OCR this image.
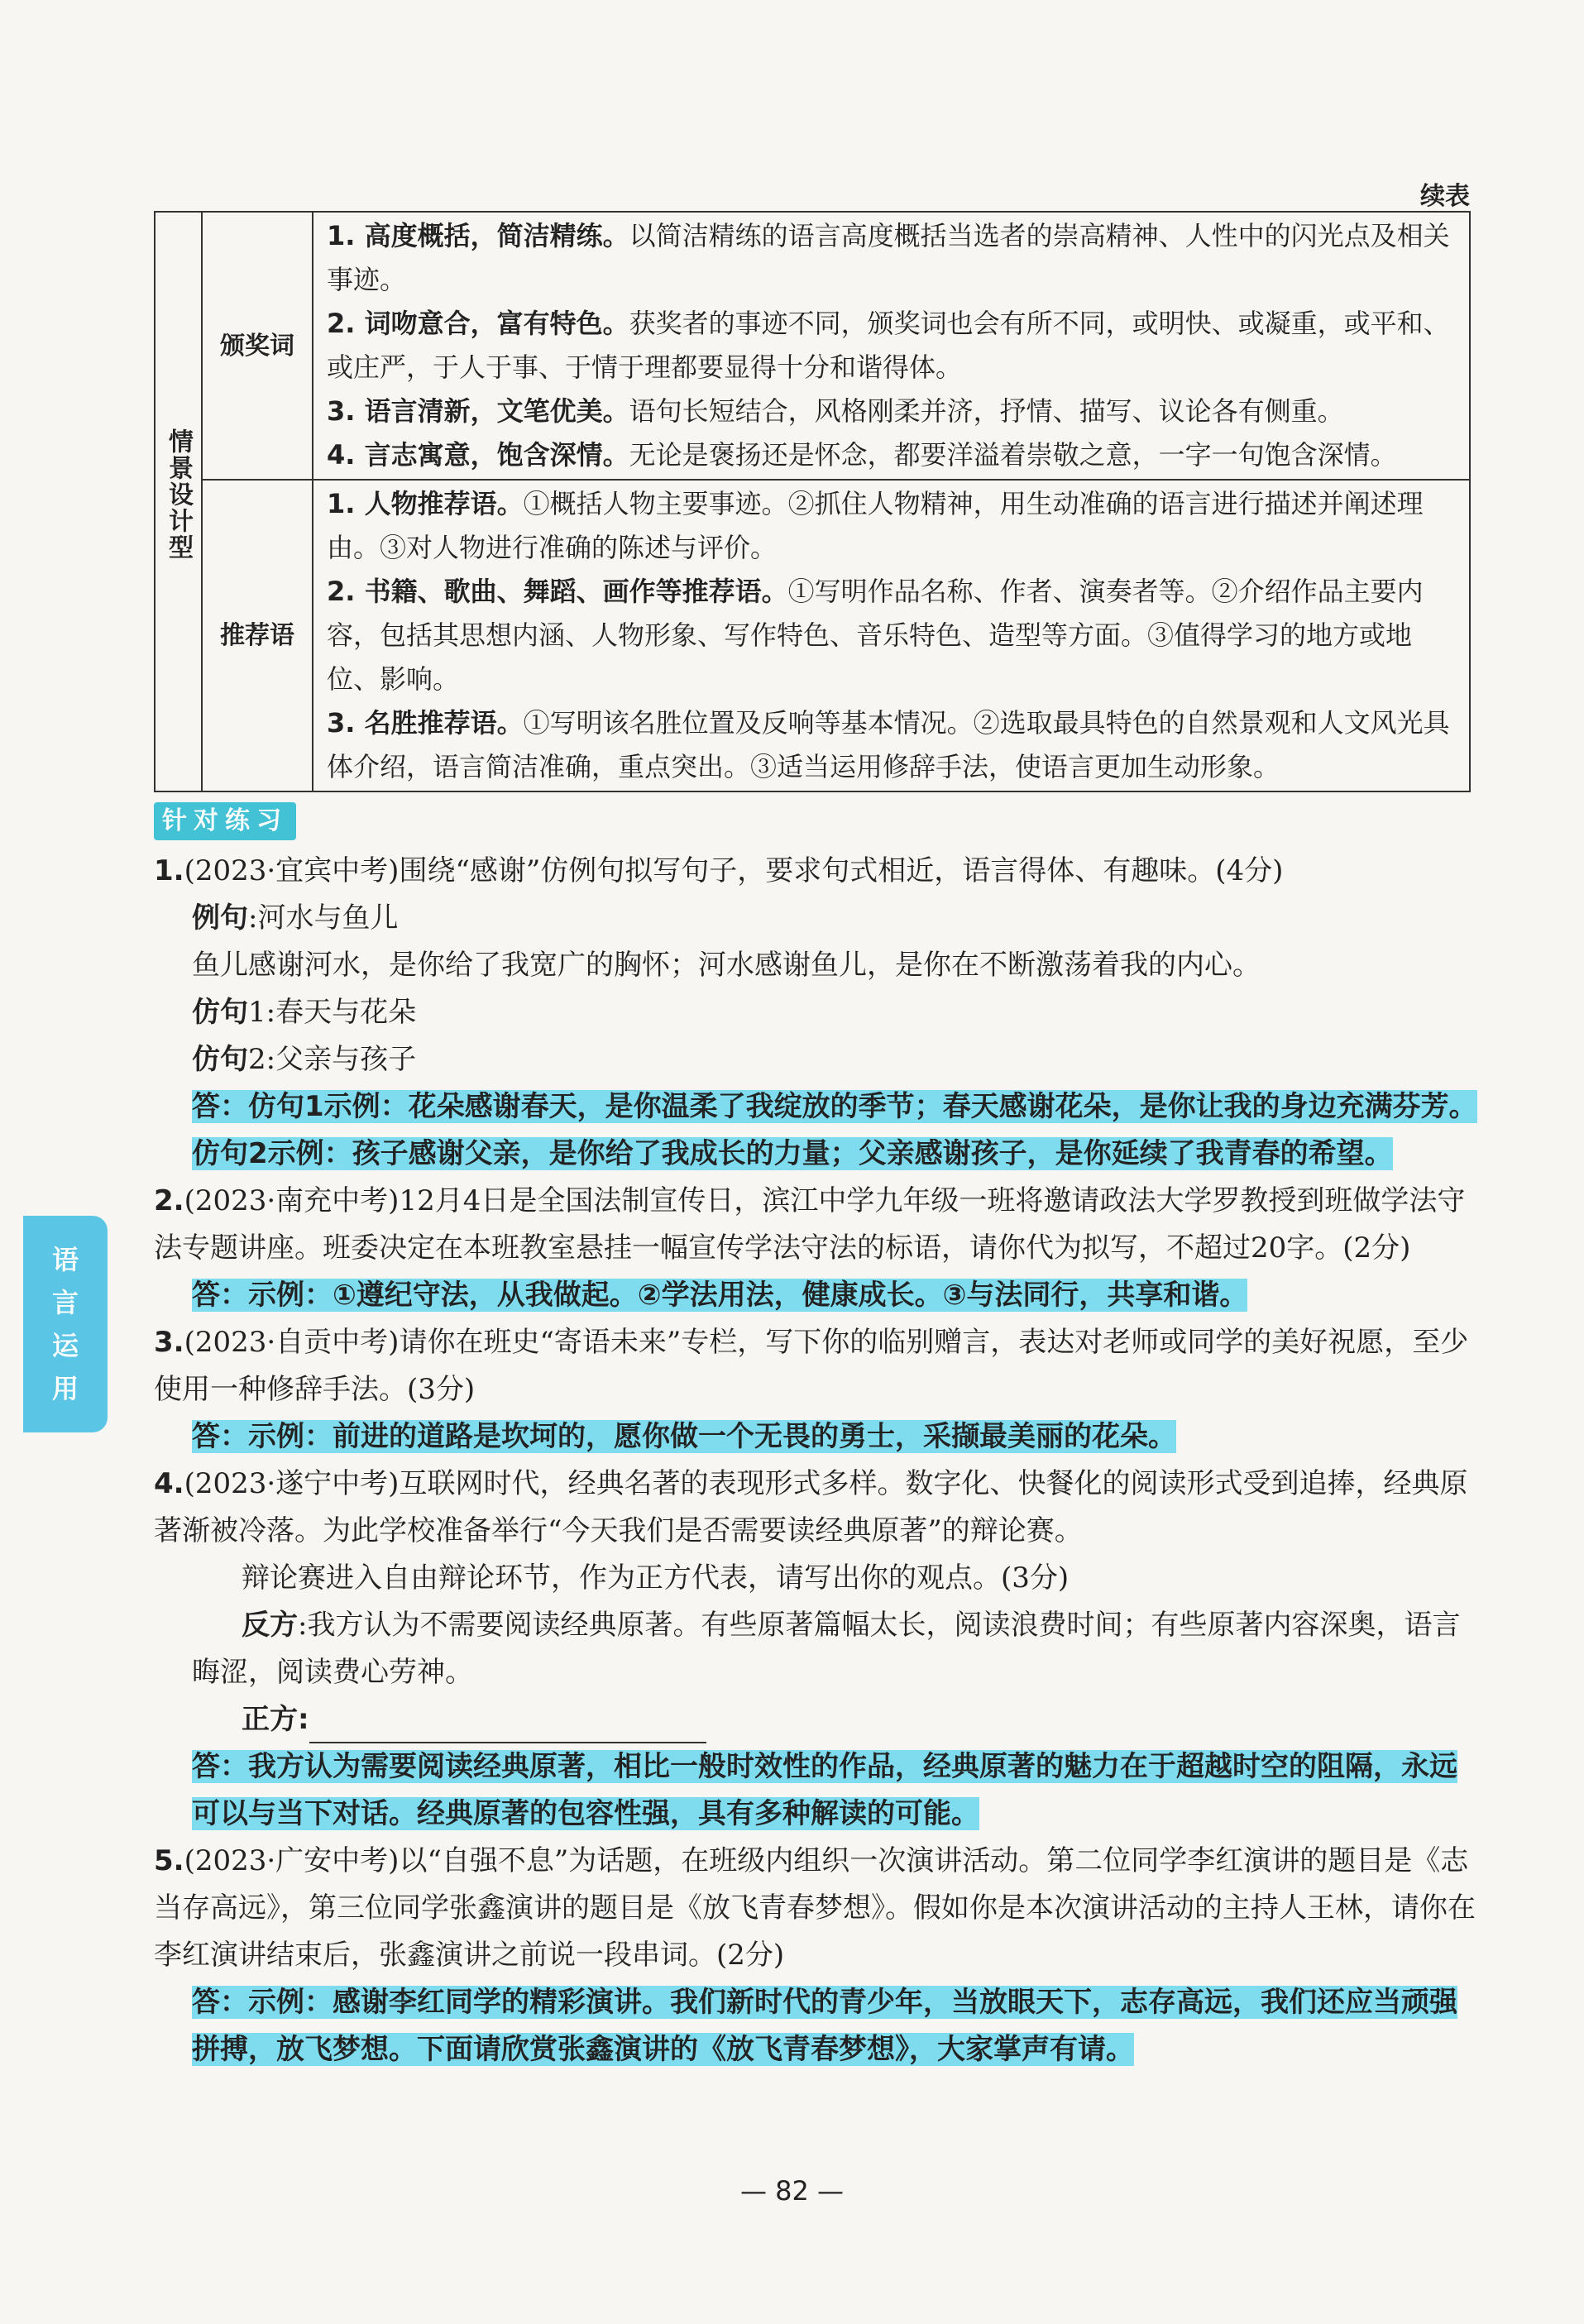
续表
情景设计型	颁奖词	1. 高度概括，简洁精练。以简洁精练的语言高度概括当选者的崇高精神、人性中的闪光点及相关事迹。
2. 词吻意合，富有特色。获奖者的事迹不同，颁奖词也会有所不同，或明快、或凝重，或平和、或庄严，于人于事、于情于理都要显得十分和谐得体。
3. 语言清新，文笔优美。语句长短结合，风格刚柔并济，抒情、描写、议论各有侧重。
4. 言志寓意，饱含深情。无论是褒扬还是怀念，都要洋溢着崇敬之意，一字一句饱含深情。

	推荐语	1. 人物推荐语。①概括人物主要事迹。②抓住人物精神，用生动准确的语言进行描述并阐述理由。③对人物进行准确的陈述与评价。
2. 书籍、歌曲、舞蹈、画作等推荐语。①写明作品名称、作者、演奏者等。②介绍作品主要内容，包括其思想内涵、人物形象、写作特色、音乐特色、造型等方面。③值得学习的地方或地位、影响。
3. 名胜推荐语。①写明该名胜位置及反响等基本情况。②选取最具特色的自然景观和人文风光具体介绍，语言简洁准确，重点突出。③适当运用修辞手法，使语言更加生动形象。
针对练习
语
言
运
用
1.(2023·宜宾中考)围绕“感谢”仿例句拟写句子，要求句式相近，语言得体、有趣味。(4分)
例句:河水与鱼儿
鱼儿感谢河水，是你给了我宽广的胸怀；河水感谢鱼儿，是你在不断激荡着我的内心。
仿句1:春天与花朵
仿句2:父亲与孩子
答：仿句1示例：花朵感谢春天，是你温柔了我绽放的季节；春天感谢花朵，是你让我的身边充满芬芳。仿句2示例：孩子感谢父亲，是你给了我成长的力量；父亲感谢孩子，是你延续了我青春的希望。
2.(2023·南充中考)12月4日是全国法制宣传日，滨江中学九年级一班将邀请政法大学罗教授到班做学法守法专题讲座。班委决定在本班教室悬挂一幅宣传学法守法的标语，请你代为拟写，不超过20字。(2分)
答：示例：①遵纪守法，从我做起。②学法用法，健康成长。③与法同行，共享和谐。
3.(2023·自贡中考)请你在班史“寄语未来”专栏，写下你的临别赠言，表达对老师或同学的美好祝愿，至少使用一种修辞手法。(3分)
答：示例：前进的道路是坎坷的，愿你做一个无畏的勇士，采撷最美丽的花朵。
4.(2023·遂宁中考)互联网时代，经典名著的表现形式多样。数字化、快餐化的阅读形式受到追捧，经典原著渐被冷落。为此学校准备举行“今天我们是否需要读经典原著”的辩论赛。
辩论赛进入自由辩论环节，作为正方代表，请写出你的观点。(3分)
反方:我方认为不需要阅读经典原著。有些原著篇幅太长，阅读浪费时间；有些原著内容深奥，语言晦涩，阅读费心劳神。
正方:
答：我方认为需要阅读经典原著，相比一般时效性的作品，经典原著的魅力在于超越时空的阻隔，永远可以与当下对话。经典原著的包容性强，具有多种解读的可能。
5.(2023·广安中考)以“自强不息”为话题，在班级内组织一次演讲活动。第二位同学李红演讲的题目是《志当存高远》，第三位同学张鑫演讲的题目是《放飞青春梦想》。假如你是本次演讲活动的主持人王林，请你在李红演讲结束后，张鑫演讲之前说一段串词。(2分)
答：示例：感谢李红同学的精彩演讲。我们新时代的青少年，当放眼天下，志存高远，我们还应当顽强拼搏，放飞梦想。下面请欣赏张鑫演讲的《放飞青春梦想》，大家掌声有请。
— 82 —
